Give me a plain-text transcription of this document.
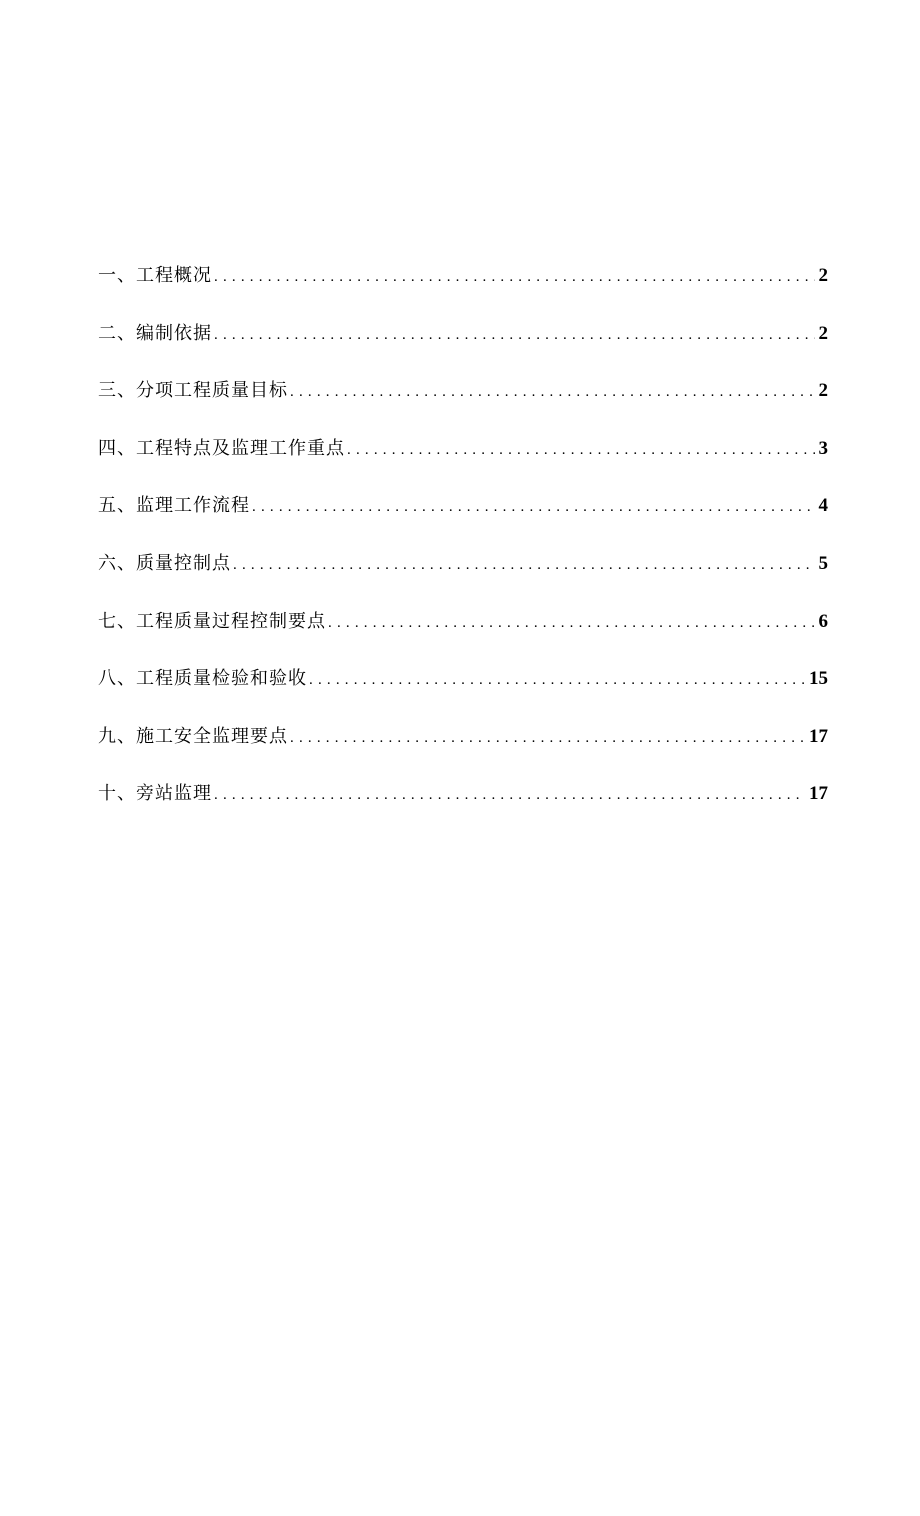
一、 工程概况 .....	2
二、 编制依据 .....	2
三、 分项工程质量目标 .....	2
四、 工程特点及监理工作重点 .....	3
五、 监理工作流程 .....	4
六、 质量控制点 .....	5
七、 工程质量过程控制要点 .....	6
八、 工程质量检验和验收 .....	15
九、 施工安全监理要点 .....	17
十、 旁站监理 .....	17
